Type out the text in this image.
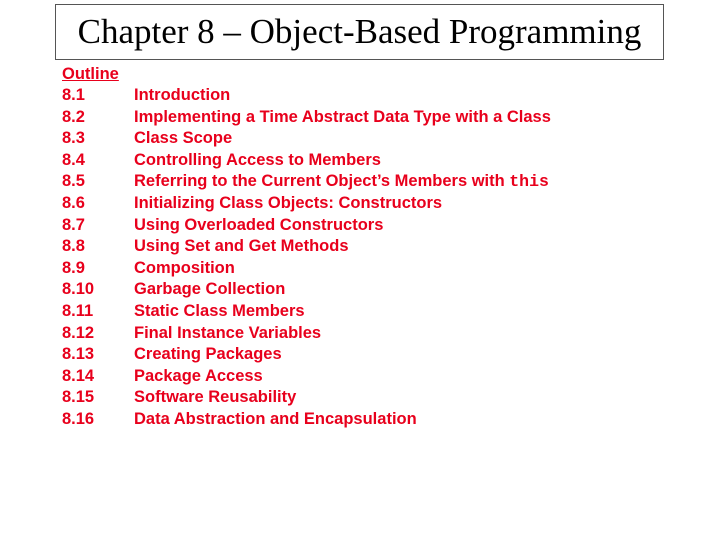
Chapter 8 – Object-Based Programming
Outline
8.1	Introduction
8.2	Implementing a Time Abstract Data Type with a Class
8.3	Class Scope
8.4	Controlling Access to Members
8.5	Referring to the Current Object’s Members with this
8.6	Initializing Class Objects: Constructors
8.7	Using Overloaded Constructors
8.8	Using Set and Get Methods
8.9	Composition
8.10	Garbage Collection
8.11	Static Class Members
8.12	Final Instance Variables
8.13	Creating Packages
8.14	Package Access
8.15	Software Reusability
8.16	Data Abstraction and Encapsulation
